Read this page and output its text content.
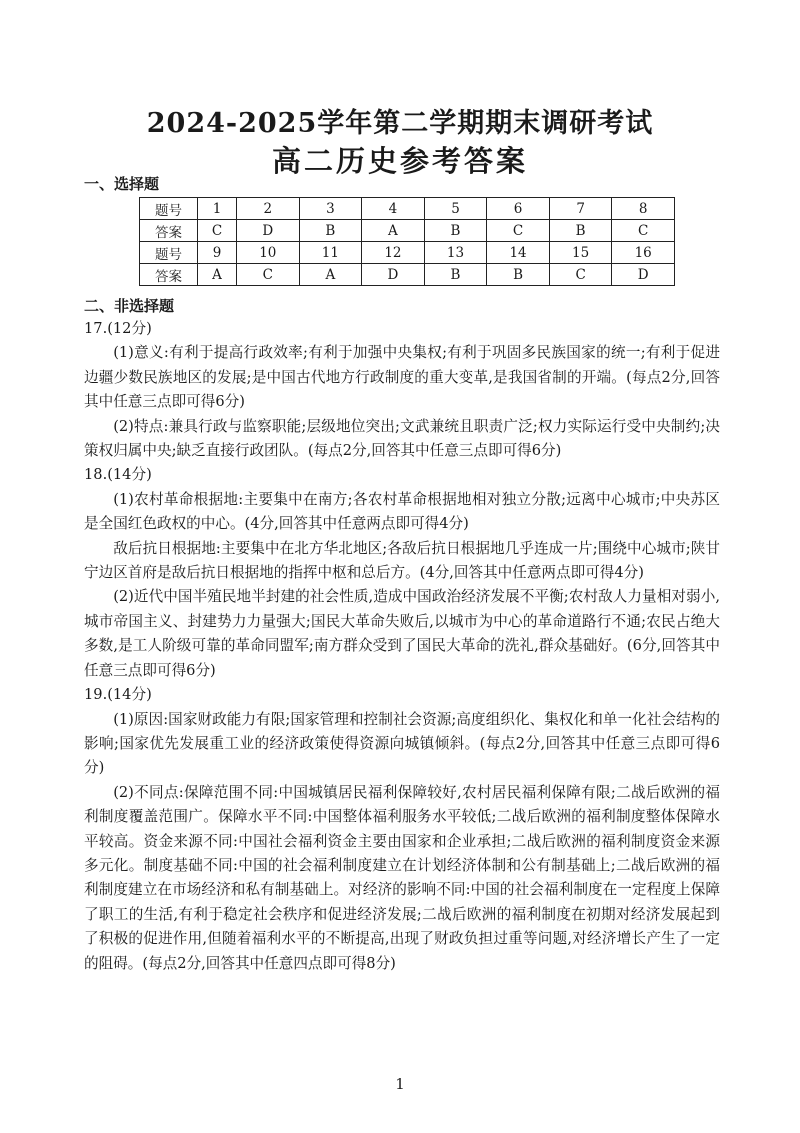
2024-2025学年第二学期期末调研考试
高二历史参考答案
一、选择题
题号	1	2	3	4	5	6	7	8
答案	C	D	B	A	B	C	B	C
题号	9	10	11	12	13	14	15	16
答案	A	C	A	D	B	B	C	D
二、非选择题

17.(12分)

(1)意义:有利于提高行政效率;有利于加强中央集权;有利于巩固多民族国家的统一;有利于促进边疆少数民族地区的发展;是中国古代地方行政制度的重大变革,是我国省制的开端。(每点2分,回答其中任意三点即可得6分)

(2)特点:兼具行政与监察职能;层级地位突出;文武兼统且职责广泛;权力实际运行受中央制约;决策权归属中央;缺乏直接行政团队。(每点2分,回答其中任意三点即可得6分)

18.(14分)

(1)农村革命根据地:主要集中在南方;各农村革命根据地相对独立分散;远离中心城市;中央苏区是全国红色政权的中心。(4分,回答其中任意两点即可得4分)

敌后抗日根据地:主要集中在北方华北地区;各敌后抗日根据地几乎连成一片;围绕中心城市;陕甘宁边区首府是敌后抗日根据地的指挥中枢和总后方。(4分,回答其中任意两点即可得4分)

(2)近代中国半殖民地半封建的社会性质,造成中国政治经济发展不平衡;农村敌人力量相对弱小,城市帝国主义、封建势力力量强大;国民大革命失败后,以城市为中心的革命道路行不通;农民占绝大多数,是工人阶级可靠的革命同盟军;南方群众受到了国民大革命的洗礼,群众基础好。(6分,回答其中任意三点即可得6分)

19.(14分)

(1)原因:国家财政能力有限;国家管理和控制社会资源;高度组织化、集权化和单一化社会结构的影响;国家优先发展重工业的经济政策使得资源向城镇倾斜。(每点2分,回答其中任意三点即可得6分)

(2)不同点:保障范围不同:中国城镇居民福利保障较好,农村居民福利保障有限;二战后欧洲的福利制度覆盖范围广。保障水平不同:中国整体福利服务水平较低;二战后欧洲的福利制度整体保障水平较高。资金来源不同:中国社会福利资金主要由国家和企业承担;二战后欧洲的福利制度资金来源多元化。制度基础不同:中国的社会福利制度建立在计划经济体制和公有制基础上;二战后欧洲的福利制度建立在市场经济和私有制基础上。对经济的影响不同:中国的社会福利制度在一定程度上保障了职工的生活,有利于稳定社会秩序和促进经济发展;二战后欧洲的福利制度在初期对经济发展起到了积极的促进作用,但随着福利水平的不断提高,出现了财政负担过重等问题,对经济增长产生了一定的阻碍。(每点2分,回答其中任意四点即可得8分)

1
